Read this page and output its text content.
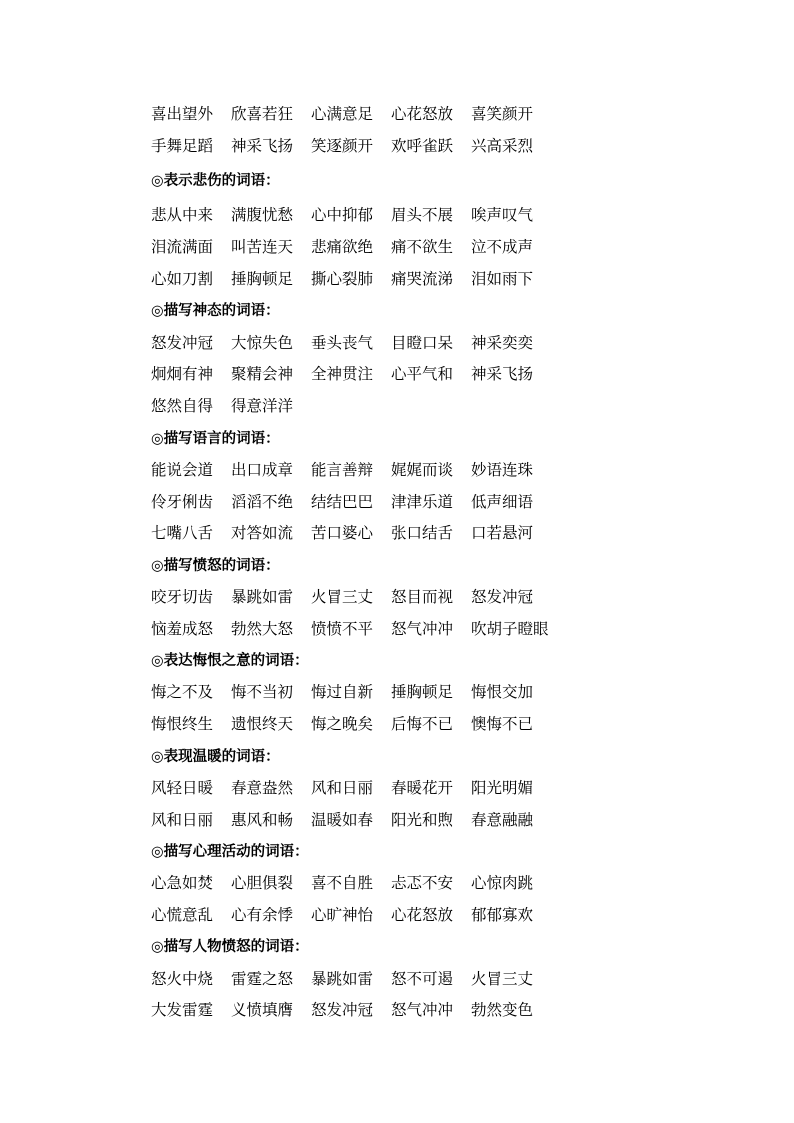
喜出望外	欣喜若狂	心满意足	心花怒放	喜笑颜开
手舞足蹈	神采飞扬	笑逐颜开	欢呼雀跃	兴高采烈
◎表示悲伤的词语：
悲从中来	满腹忧愁	心中抑郁	眉头不展	唉声叹气
泪流满面	叫苦连天	悲痛欲绝	痛不欲生	泣不成声
心如刀割	捶胸顿足	撕心裂肺	痛哭流涕	泪如雨下
◎描写神态的词语：
怒发冲冠	大惊失色	垂头丧气	目瞪口呆	神采奕奕
炯炯有神	聚精会神	全神贯注	心平气和	神采飞扬
悠然自得	得意洋洋
◎描写语言的词语：
能说会道	出口成章	能言善辩	娓娓而谈	妙语连珠
伶牙俐齿	滔滔不绝	结结巴巴	津津乐道	低声细语
七嘴八舌	对答如流	苦口婆心	张口结舌	口若悬河
◎描写愤怒的词语：
咬牙切齿	暴跳如雷	火冒三丈	怒目而视	怒发冲冠
恼羞成怒	勃然大怒	愤愤不平	怒气冲冲	吹胡子瞪眼
◎表达悔恨之意的词语：
悔之不及	悔不当初	悔过自新	捶胸顿足	悔恨交加
悔恨终生	遗恨终天	悔之晚矣	后悔不已	懊悔不已
◎表现温暖的词语：
风轻日暖	春意盎然	风和日丽	春暖花开	阳光明媚
风和日丽	惠风和畅	温暖如春	阳光和煦	春意融融
◎描写心理活动的词语：
心急如焚	心胆俱裂	喜不自胜	忐忑不安	心惊肉跳
心慌意乱	心有余悸	心旷神怡	心花怒放	郁郁寡欢
◎描写人物愤怒的词语：
怒火中烧	雷霆之怒	暴跳如雷	怒不可遏	火冒三丈
大发雷霆	义愤填膺	怒发冲冠	怒气冲冲	勃然变色
